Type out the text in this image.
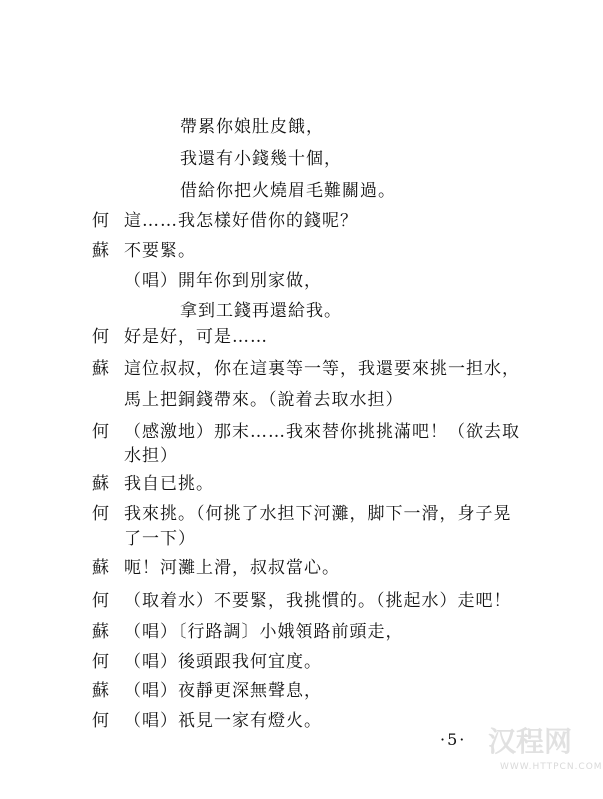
帶累你娘肚皮餓，
我還有小錢幾十個，
借給你把火燒眉毛難關過。
何 這……我怎樣好借你的錢呢？
蘇 不要緊。
（唱）開年你到別家做，
拿到工錢再還給我。
何 好是好，可是……
蘇 這位叔叔，你在這裏等一等，我還要來挑一担水，
馬上把銅錢帶來。（說着去取水担）
何 （感激地）那末……我來替你挑挑滿吧！（欲去取
水担）
蘇 我自已挑。
何 我來挑。（何挑了水担下河灘，脚下一滑，身子晃
了一下）
蘇 呃！河灘上滑，叔叔當心。
何 （取着水）不要緊，我挑慣的。（挑起水）走吧！
蘇 （唱）〔行路調〕小娥領路前頭走，
何 （唱）後頭跟我何宜度。
蘇 （唱）夜靜更深無聲息，
何 （唱）祇見一家有燈火。
·5· 汉程网
WWW.HTTPCN.COM
